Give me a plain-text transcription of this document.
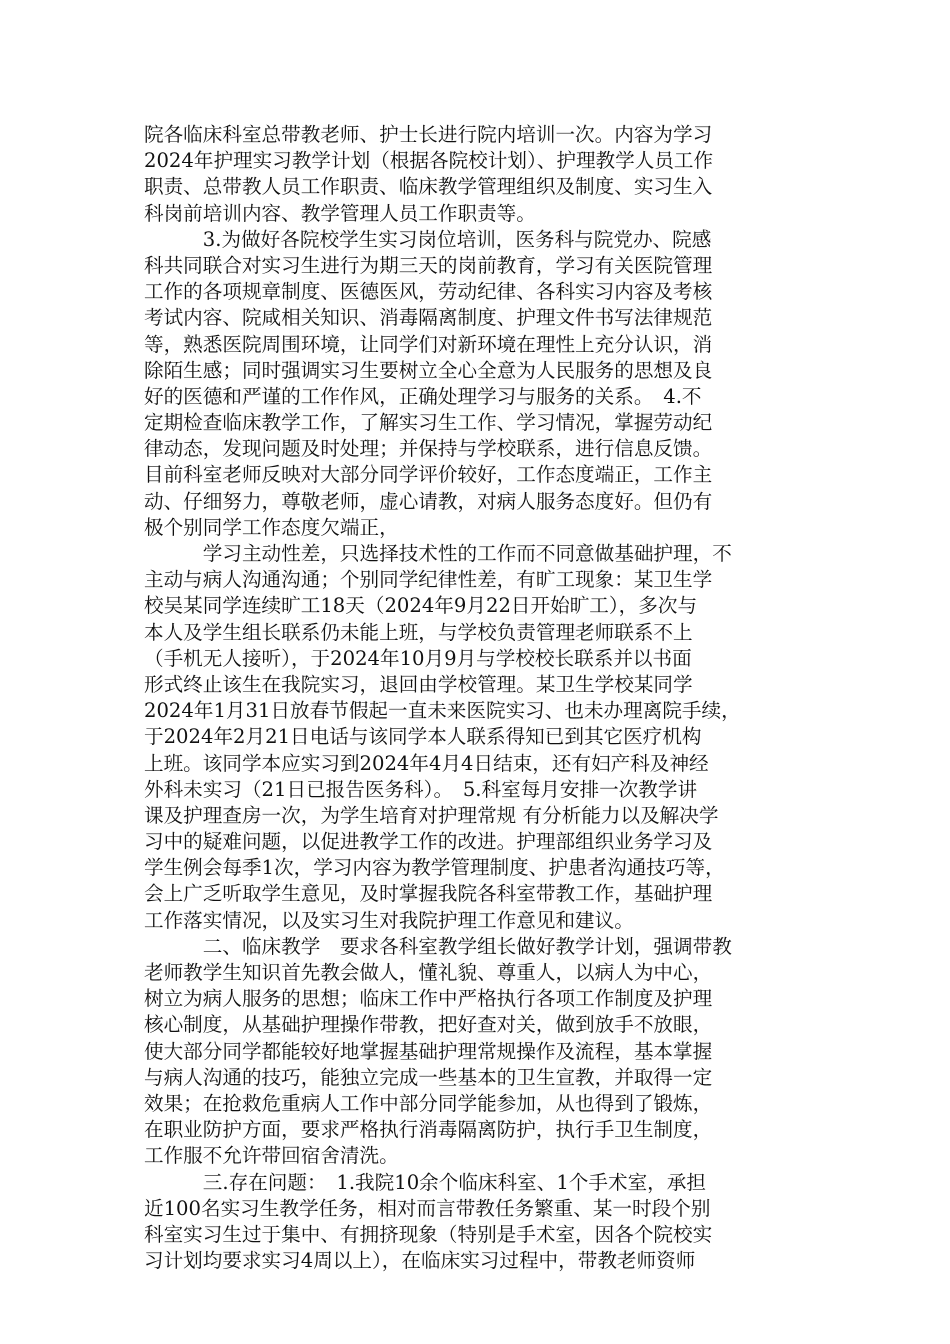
院各临床科室总带教老师、护士长进行院内培训一次。内容为学习
2024年护理实习教学计划（根据各院校计划）、护理教学人员工作
职责、总带教人员工作职责、临床教学管理组织及制度、实习生入
科岗前培训内容、教学管理人员工作职责等。
　　　3.为做好各院校学生实习岗位培训，医务科与院党办、院感
科共同联合对实习生进行为期三天的岗前教育，学习有关医院管理
工作的各项规章制度、医德医风，劳动纪律、各科实习内容及考核
考试内容、院咸相关知识、消毒隔离制度、护理文件书写法律规范
等，熟悉医院周围环境，让同学们对新环境在理性上充分认识，消
除陌生感；同时强调实习生要树立全心全意为人民服务的思想及良
好的医德和严谨的工作作风，正确处理学习与服务的关系。　4.不
定期检查临床教学工作，了解实习生工作、学习情况，掌握劳动纪
律动态，发现问题及时处理；并保持与学校联系，进行信息反馈。
目前科室老师反映对大部分同学评价较好，工作态度端正，工作主
动、仔细努力，尊敬老师，虚心请教，对病人服务态度好。但仍有
极个别同学工作态度欠端正，
　　　学习主动性差，只选择技术性的工作而不同意做基础护理，不
主动与病人沟通沟通；个别同学纪律性差，有旷工现象：某卫生学
校吴某同学连续旷工18天（2024年9月22日开始旷工），多次与
本人及学生组长联系仍未能上班，与学校负责管理老师联系不上
（手机无人接听），于2024年10月9月与学校校长联系并以书面
形式终止该生在我院实习，退回由学校管理。某卫生学校某同学
2024年1月31日放春节假起一直未来医院实习、也未办理离院手续，
于2024年2月21日电话与该同学本人联系得知已到其它医疗机构
上班。该同学本应实习到2024年4月4日结束，还有妇产科及神经
外科未实习（21日已报告医务科）。　5.科室每月安排一次教学讲
课及护理查房一次，为学生培育对护理常规 有分析能力以及解决学
习中的疑难问题，以促进教学工作的改进。护理部组织业务学习及
学生例会每季1次，学习内容为教学管理制度、护患者沟通技巧等，
会上广乏听取学生意见，及时掌握我院各科室带教工作，基础护理
工作落实情况，以及实习生对我院护理工作意见和建议。
　　　二、临床教学　要求各科室教学组长做好教学计划，强调带教
老师教学生知识首先教会做人，懂礼貌、尊重人，以病人为中心，
树立为病人服务的思想；临床工作中严格执行各项工作制度及护理
核心制度，从基础护理操作带教，把好查对关，做到放手不放眼，
使大部分同学都能较好地掌握基础护理常规操作及流程，基本掌握
与病人沟通的技巧，能独立完成一些基本的卫生宣教，并取得一定
效果；在抢救危重病人工作中部分同学能参加，从也得到了锻炼，
在职业防护方面，要求严格执行消毒隔离防护，执行手卫生制度，
工作服不允许带回宿舍清洗。
　　　三.存在问题：　1.我院10余个临床科室、1个手术室，承担
近100名实习生教学任务，相对而言带教任务繁重、某一时段个别
科室实习生过于集中、有拥挤现象（特别是手术室，因各个院校实
习计划均要求实习4周以上），在临床实习过程中，带教老师资师
